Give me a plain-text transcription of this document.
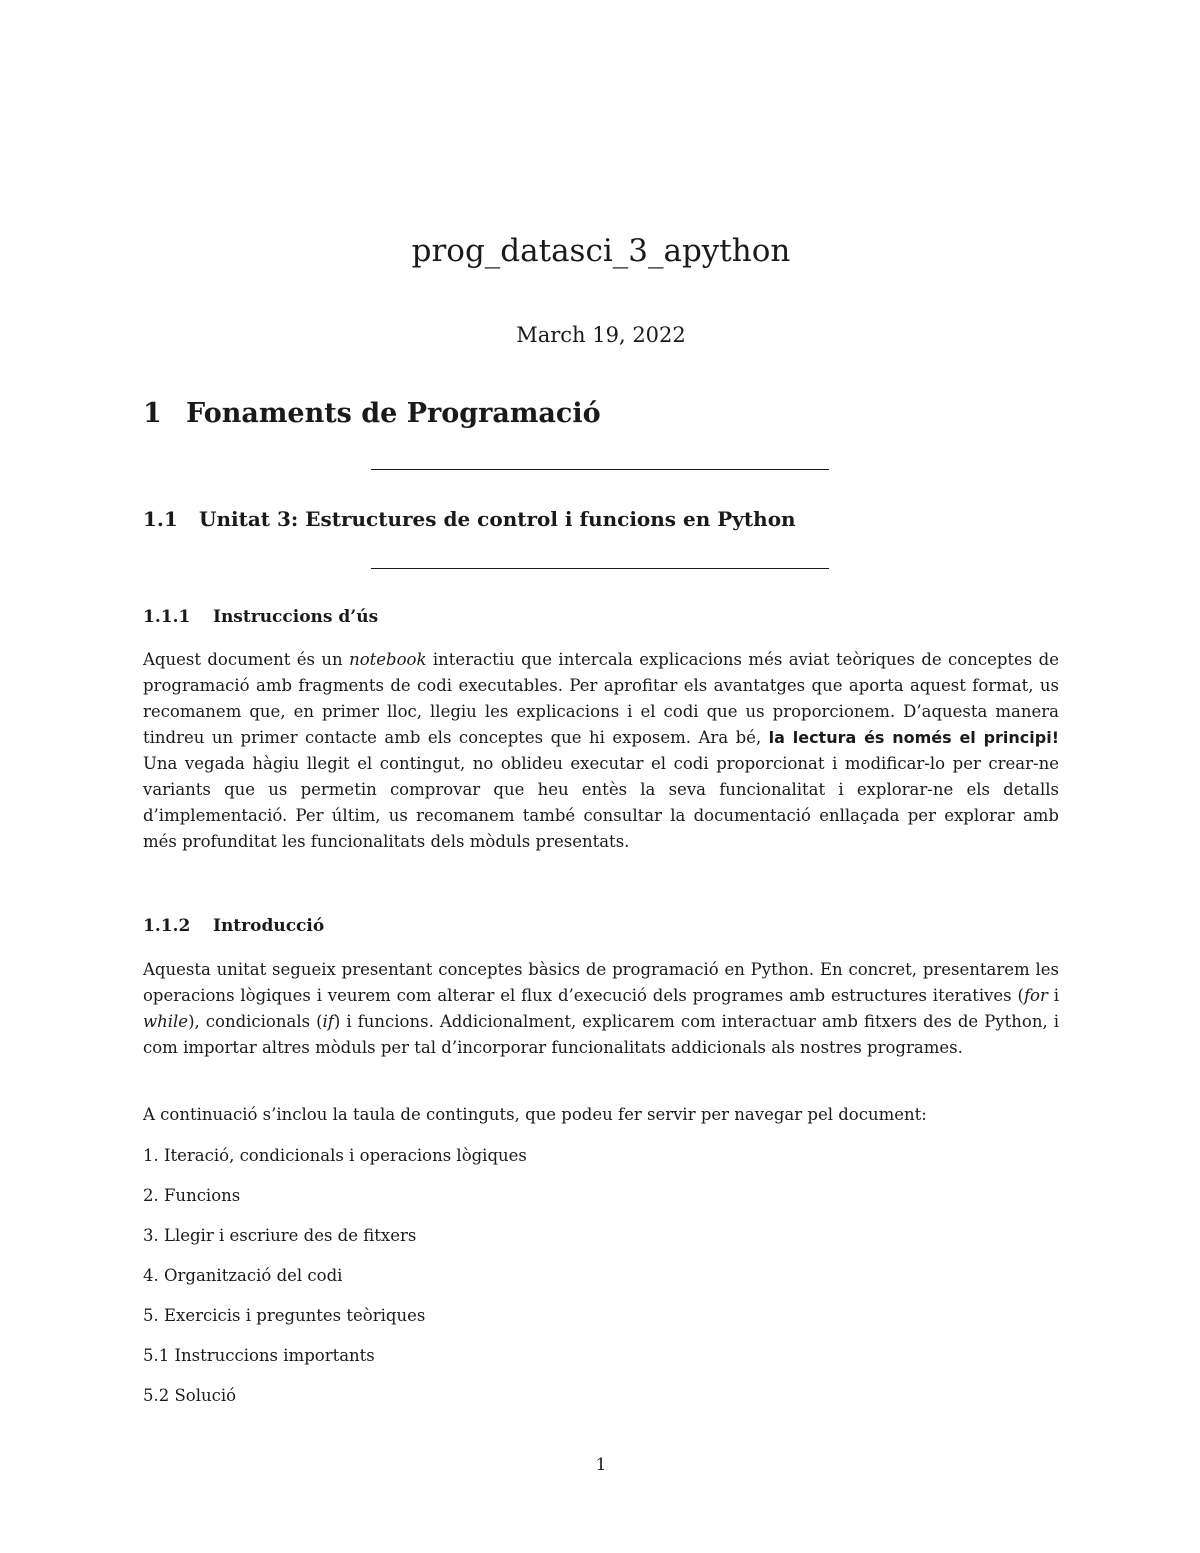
prog_datasci_3_apython
March 19, 2022
1 Fonaments de Programació
1.1 Unitat 3: Estructures de control i funcions en Python
1.1.1 Instruccions d’ús

Aquest document és un notebook interactiu que intercala explicacions més aviat teòriques de conceptes de programació amb fragments de codi executables. Per aprofitar els avantatges que aporta aquest format, us recomanem que, en primer lloc, llegiu les explicacions i el codi que us proporcionem. D’aquesta manera tindreu un primer contacte amb els conceptes que hi exposem. Ara bé, la lectura és només el principi! Una vegada hàgiu llegit el contingut, no oblideu executar el codi proporcionat i modificar-lo per crear-ne variants que us permetin comprovar que heu entès la seva funcionalitat i explorar-ne els detalls d’implementació. Per últim, us recomanem també consultar la documentació enllaçada per explorar amb més profunditat les funcionalitats dels mòduls presentats.

1.1.2 Introducció

Aquesta unitat segueix presentant conceptes bàsics de programació en Python. En concret, presentarem les operacions lògiques i veurem com alterar el flux d’execució dels programes amb estructures iteratives (for i while), condicionals (if) i funcions. Addicionalment, explicarem com interactuar amb fitxers des de Python, i com importar altres mòduls per tal d’incorporar funcionalitats addicionals als nostres programes.

A continuació s’inclou la taula de continguts, que podeu fer servir per navegar pel document:

1. Iteració, condicionals i operacions lògiques
2. Funcions
3. Llegir i escriure des de fitxers
4. Organització del codi
5. Exercicis i preguntes teòriques
5.1 Instruccions importants
5.2 Solució
1
